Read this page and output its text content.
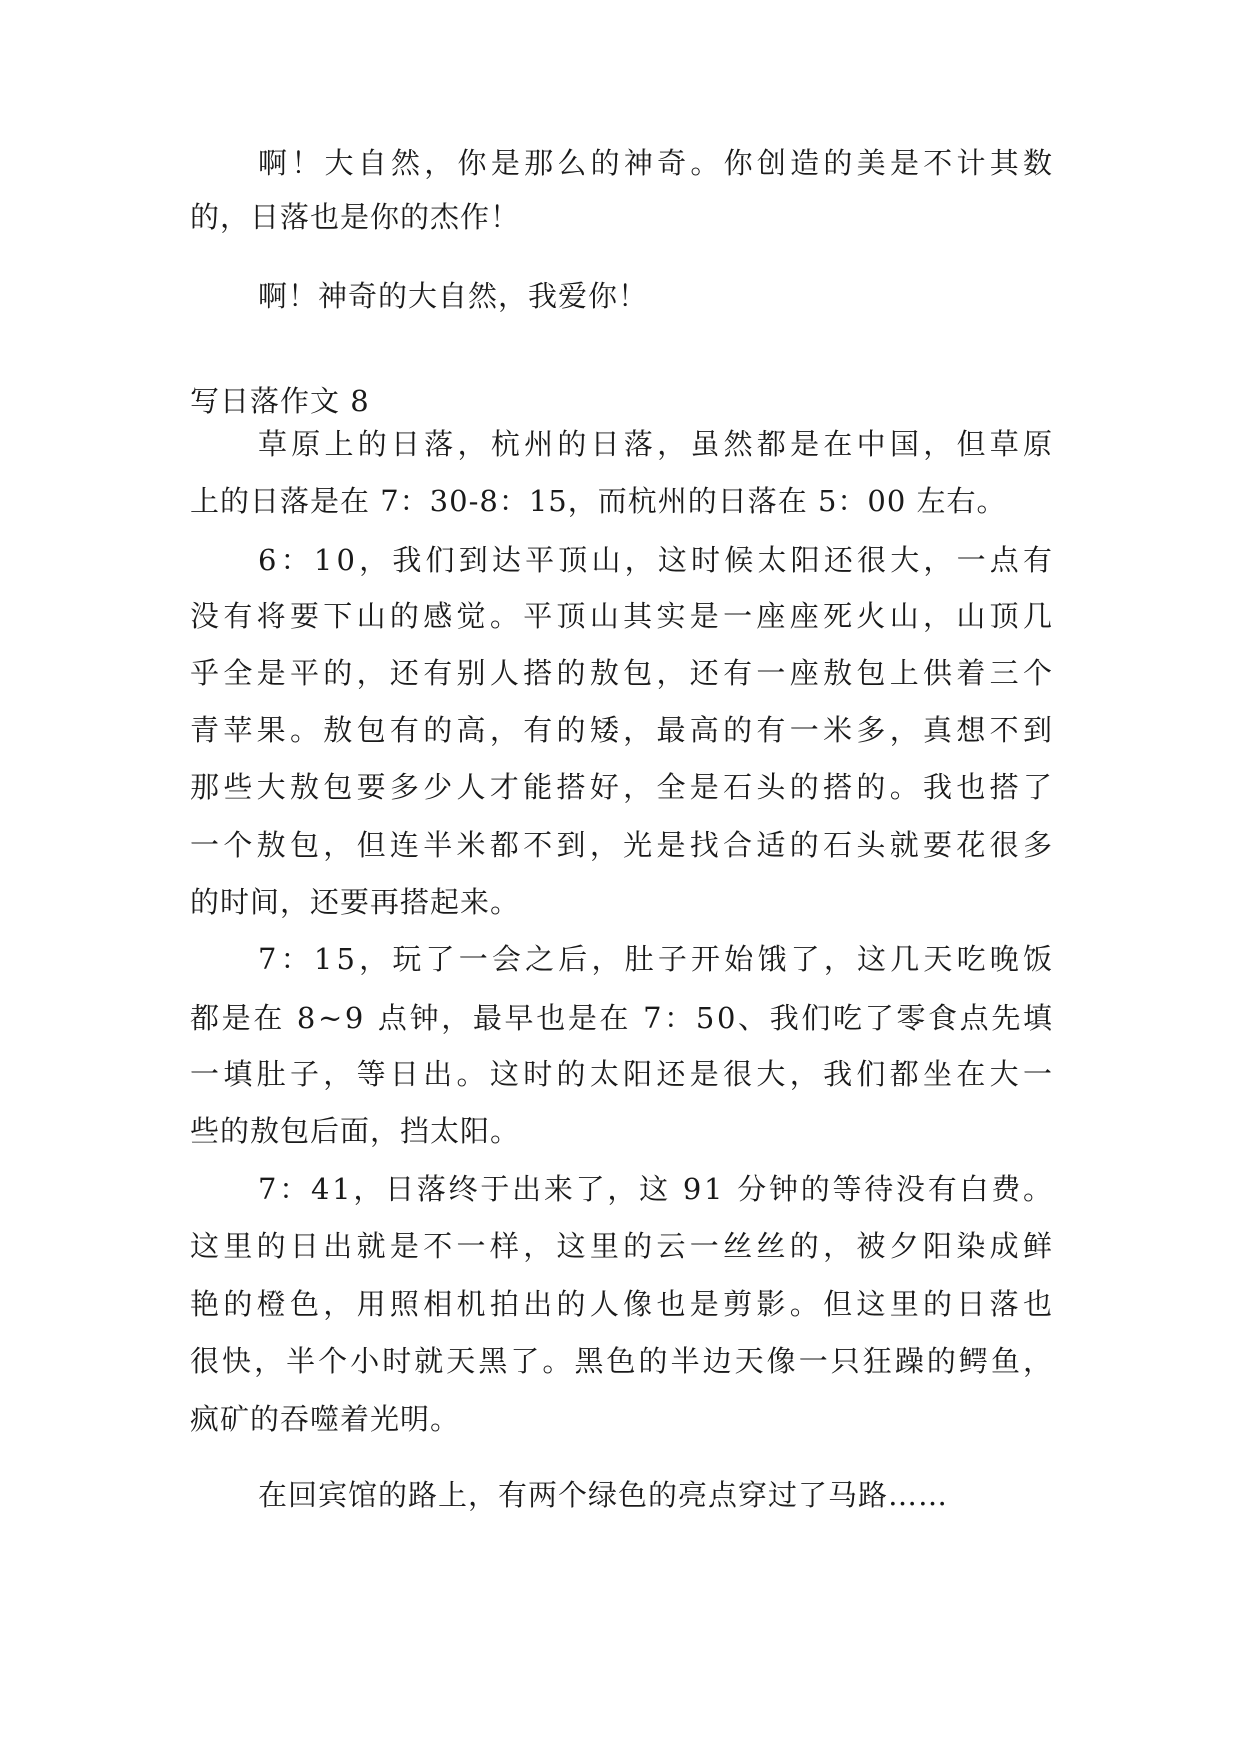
啊！大自然，你是那么的神奇。你创造的美是不计其数
的，日落也是你的杰作！
啊！神奇的大自然，我爱你！
写日落作文 8
草原上的日落，杭州的日落，虽然都是在中国，但草原
上的日落是在 7：30-8：15，而杭州的日落在 5：00 左右。
6：10，我们到达平顶山，这时候太阳还很大，一点有
没有将要下山的感觉。平顶山其实是一座座死火山，山顶几
乎全是平的，还有别人搭的敖包，还有一座敖包上供着三个
青苹果。敖包有的高，有的矮，最高的有一米多，真想不到
那些大敖包要多少人才能搭好，全是石头的搭的。我也搭了
一个敖包，但连半米都不到，光是找合适的石头就要花很多
的时间，还要再搭起来。
7：15，玩了一会之后，肚子开始饿了，这几天吃晚饭
都是在 8~9 点钟，最早也是在 7：50、我们吃了零食点先填
一填肚子，等日出。这时的太阳还是很大，我们都坐在大一
些的敖包后面，挡太阳。
7：41，日落终于出来了，这 91 分钟的等待没有白费。
这里的日出就是不一样，这里的云一丝丝的，被夕阳染成鲜
艳的橙色，用照相机拍出的人像也是剪影。但这里的日落也
很快，半个小时就天黑了。黑色的半边天像一只狂躁的鳄鱼，
疯矿的吞噬着光明。
在回宾馆的路上，有两个绿色的亮点穿过了马路……
